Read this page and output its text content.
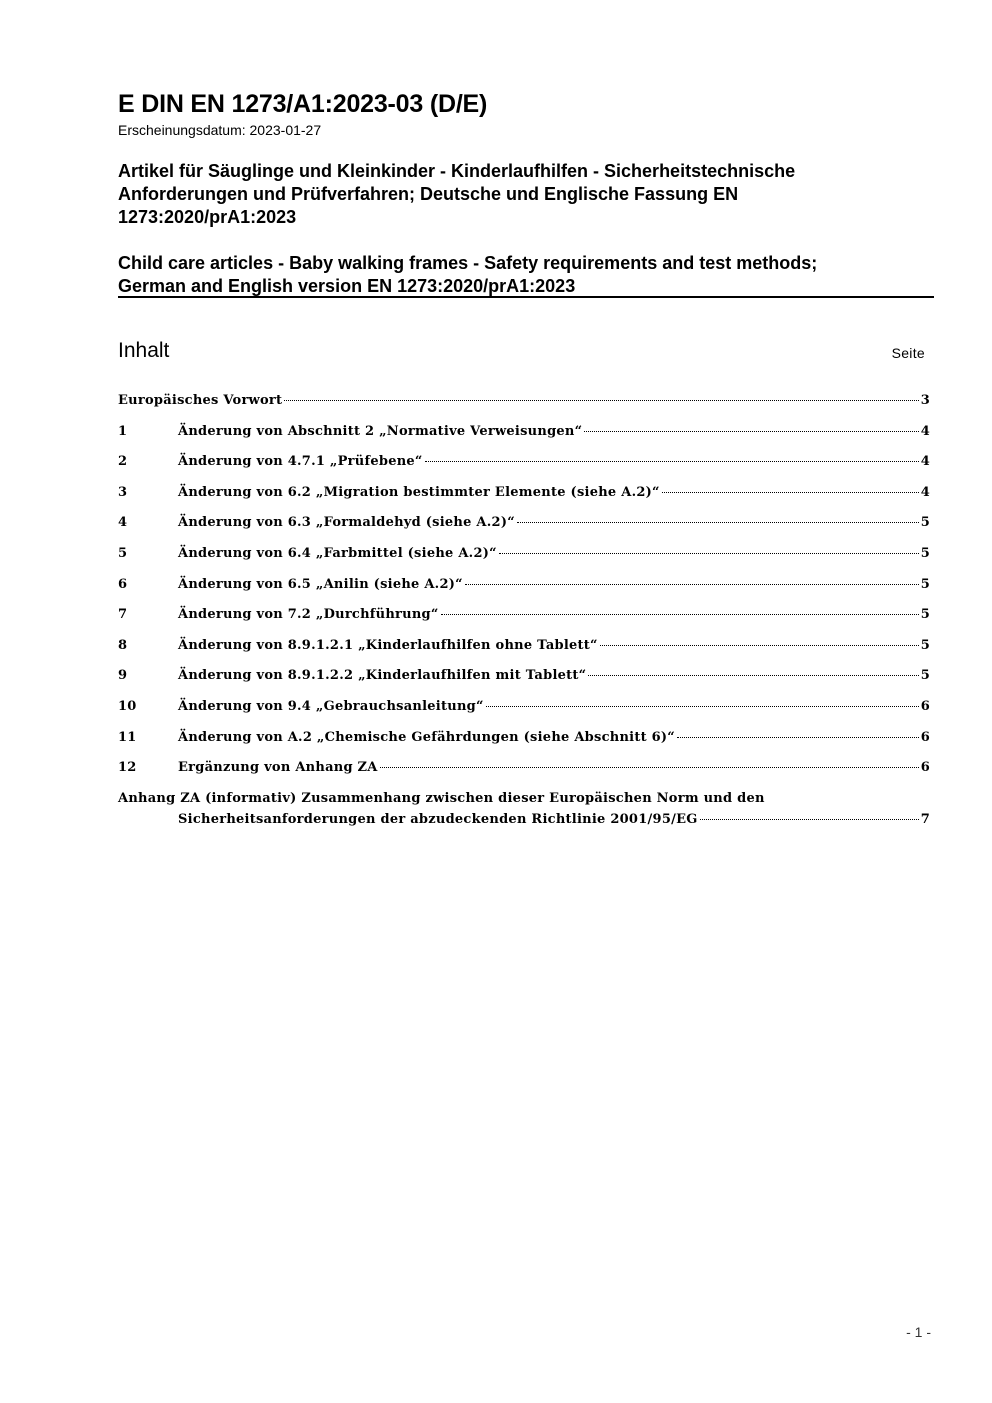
E DIN EN 1273/A1:2023-03 (D/E)
Erscheinungsdatum: 2023-01-27
Artikel für Säuglinge und Kleinkinder - Kinderlaufhilfen - Sicherheitstechnische
Anforderungen und Prüfverfahren; Deutsche und Englische Fassung EN
1273:2020/prA1:2023
Child care articles - Baby walking frames - Safety requirements and test methods;
German and English version EN 1273:2020/prA1:2023
Inhalt	Seite
Europäisches Vorwort	3
1	Änderung von Abschnitt 2 „Normative Verweisungen“	4
2	Änderung von 4.7.1 „Prüfebene“	4
3	Änderung von 6.2 „Migration bestimmter Elemente (siehe A.2)“	4
4	Änderung von 6.3 „Formaldehyd (siehe A.2)“	5
5	Änderung von 6.4 „Farbmittel (siehe A.2)“	5
6	Änderung von 6.5 „Anilin (siehe A.2)“	5
7	Änderung von 7.2 „Durchführung“	5
8	Änderung von 8.9.1.2.1 „Kinderlaufhilfen ohne Tablett“	5
9	Änderung von 8.9.1.2.2 „Kinderlaufhilfen mit Tablett“	5
10	Änderung von 9.4 „Gebrauchsanleitung“	6
11	Änderung von A.2 „Chemische Gefährdungen (siehe Abschnitt 6)“	6
12	Ergänzung von Anhang ZA	6
Anhang ZA (informativ) Zusammenhang zwischen dieser Europäischen Norm und den
Sicherheitsanforderungen der abzudeckenden Richtlinie 2001/95/EG	7
- 1 -
